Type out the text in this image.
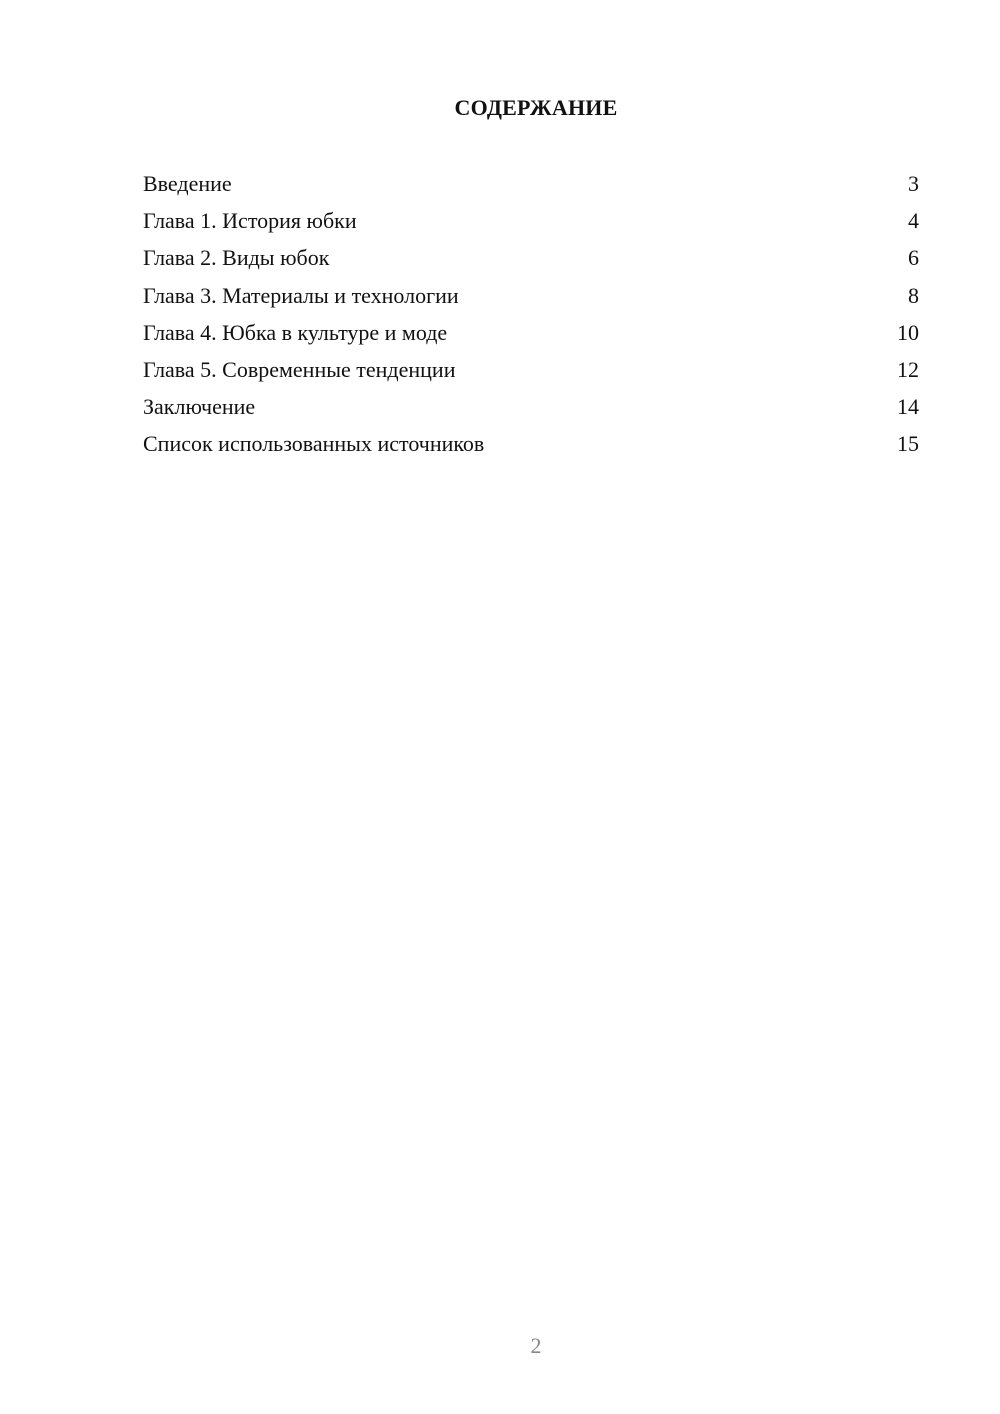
СОДЕРЖАНИЕ
Введение	3
Глава 1. История юбки	4
Глава 2. Виды юбок	6
Глава 3. Материалы и технологии	8
Глава 4. Юбка в культуре и моде	10
Глава 5. Современные тенденции	12
Заключение	14
Список использованных источников	15
2
